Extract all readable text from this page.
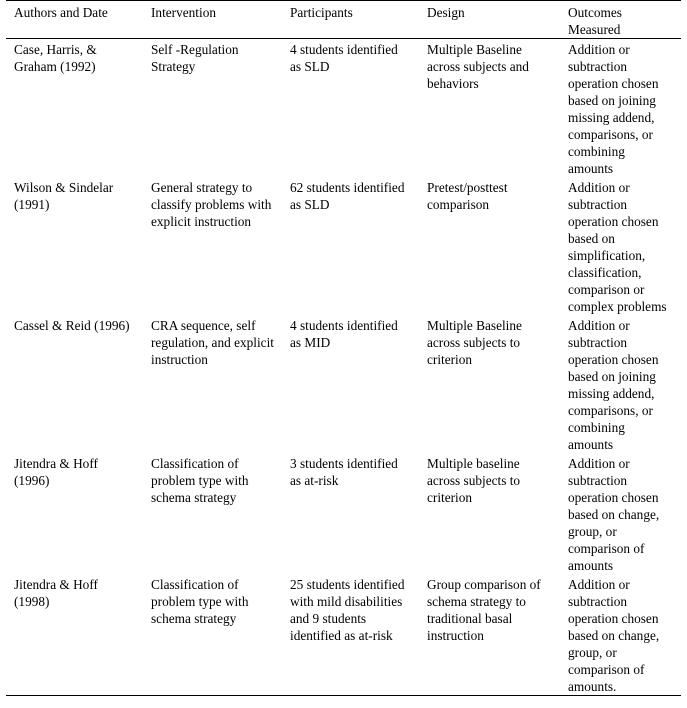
Authors and Date	Intervention	Participants	Design	Outcomes Measured
Case, Harris, & Graham (1992)	Self -Regulation Strategy	4 students identified as SLD	Multiple Baseline across subjects and behaviors	Addition or subtraction operation chosen based on joining missing addend, comparisons, or combining amounts
Wilson & Sindelar (1991)	General strategy to classify problems with explicit instruction	62 students identified as SLD	Pretest/posttest comparison	Addition or subtraction operation chosen based on simplification, classification, comparison or complex problems
Cassel & Reid (1996)	CRA sequence, self regulation, and explicit instruction	4 students identified as MID	Multiple Baseline across subjects to criterion	Addition or subtraction operation chosen based on joining missing addend, comparisons, or combining amounts
Jitendra & Hoff (1996)	Classification of problem type with schema strategy	3 students identified as at-risk	Multiple baseline across subjects to criterion	Addition or subtraction operation chosen based on change, group, or comparison of amounts
Jitendra & Hoff (1998)	Classification of problem type with schema strategy	25 students identified with mild disabilities and 9 students identified as at-risk	Group comparison of schema strategy to traditional basal instruction	Addition or subtraction operation chosen based on change, group, or comparison of amounts.
